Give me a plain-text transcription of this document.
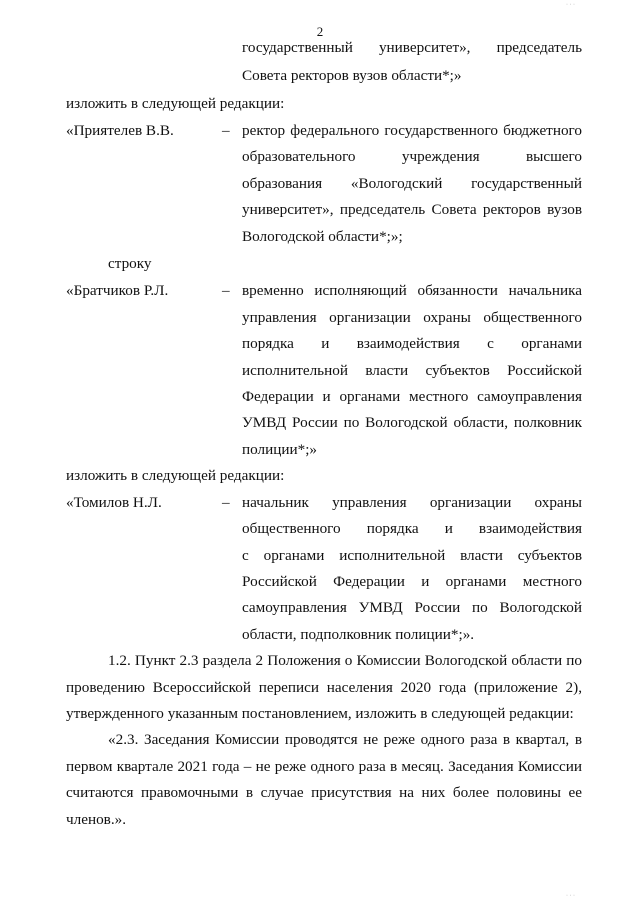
2
государственный университет», председатель
Совета ректоров вузов области*;»
изложить в следующей редакции:
«Приятелев В.В.	– ректор федерального государственного бюджетного
образовательного учреждения высшего
образования «Вологодский государственный
университет», председатель Совета ректоров вузов
Вологодской области*;»;
строку
«Братчиков Р.Л.	– временно исполняющий обязанности начальника
управления организации охраны общественного
порядка и взаимодействия с органами
исполнительной власти субъектов Российской
Федерации и органами местного самоуправления
УМВД России по Вологодской области, полковник
полиции*;»
изложить в следующей редакции:
«Томилов Н.Л.	– начальник управления организации охраны
общественного порядка и взаимодействия
с органами исполнительной власти субъектов
Российской Федерации и органами местного
самоуправления УМВД России по Вологодской
области, подполковник полиции*;».
1.2. Пункт 2.3 раздела 2 Положения о Комиссии Вологодской области по
проведению Всероссийской переписи населения 2020 года (приложение 2),
утвержденного указанным постановлением, изложить в следующей редакции:
«2.3. Заседания Комиссии проводятся не реже одного раза в квартал, в
первом квартале 2021 года – не реже одного раза в месяц. Заседания Комиссии
считаются правомочными в случае присутствия на них более половины ее
членов.».
· · ·
· · ·
